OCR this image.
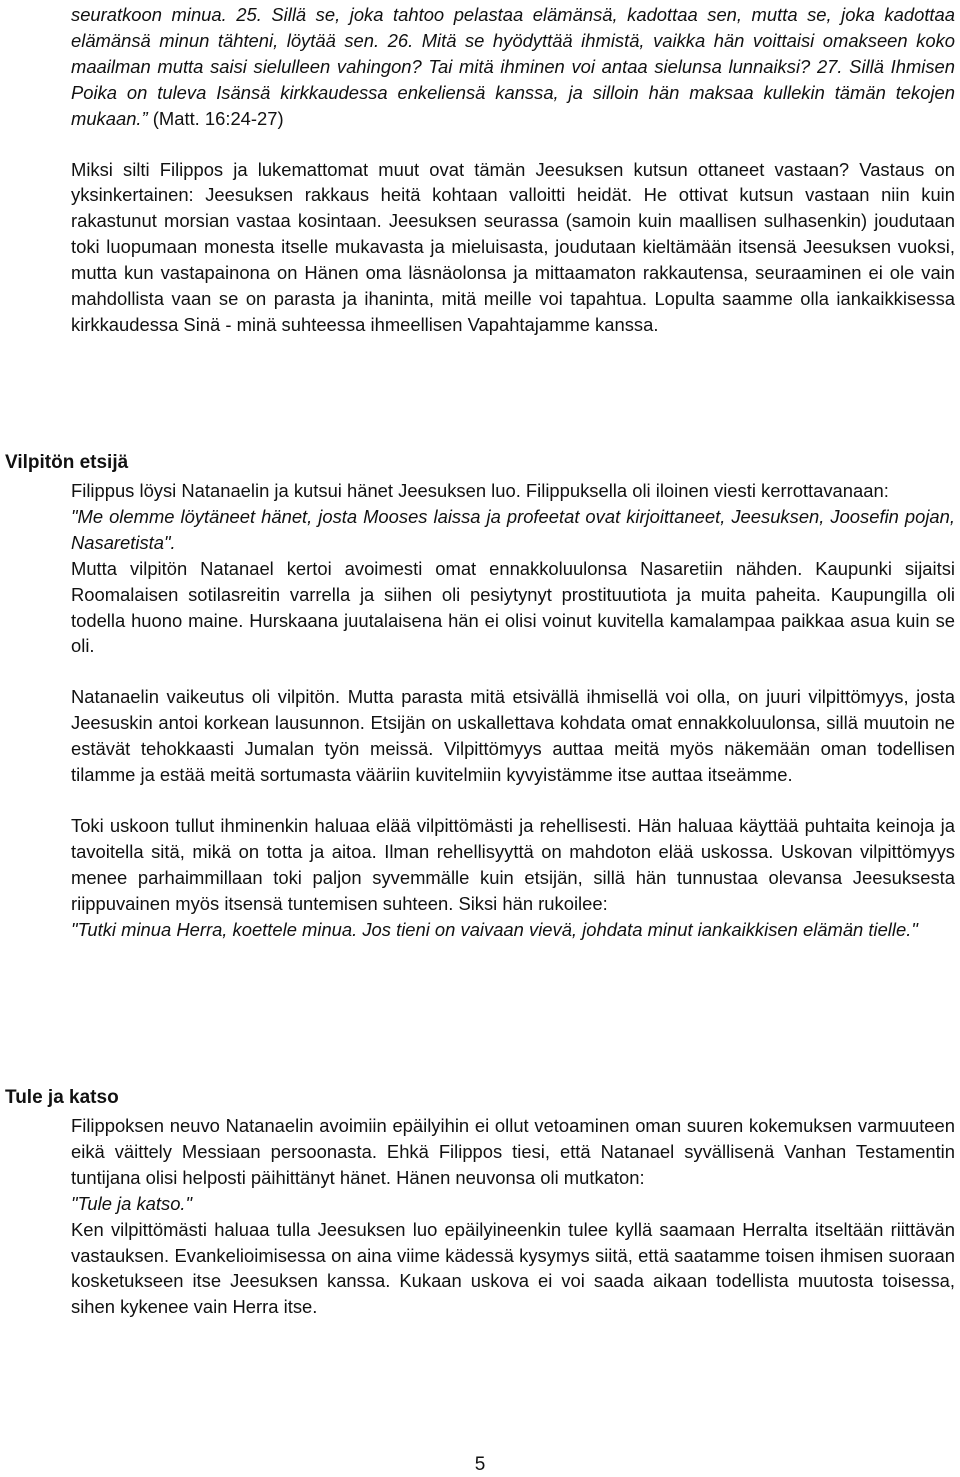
seuratkoon minua. 25. Sillä se, joka tahtoo pelastaa elämänsä, kadottaa sen, mutta se, joka kadottaa elämänsä minun tähteni, löytää sen. 26. Mitä se hyödyttää ihmistä, vaikka hän voittaisi omakseen koko maailman mutta saisi sielulleen vahingon? Tai mitä ihminen voi antaa sielunsa lunnaiksi? 27. Sillä Ihmisen Poika on tuleva Isänsä kirkkaudessa enkeliensä kanssa, ja silloin hän maksaa kullekin tämän tekojen mukaan.” (Matt. 16:24-27)

Miksi silti Filippos ja lukemattomat muut ovat tämän Jeesuksen kutsun ottaneet vastaan? Vastaus on yksinkertainen: Jeesuksen rakkaus heitä kohtaan valloitti heidät. He ottivat kutsun vastaan niin kuin rakastunut morsian vastaa kosintaan. Jeesuksen seurassa (samoin kuin maallisen sulhasenkin) joudutaan toki luopumaan monesta itselle mukavasta ja mieluisasta, joudutaan kieltämään itsensä Jeesuksen vuoksi, mutta kun vastapainona on Hänen oma läsnäolonsa ja mittaamaton rakkautensa, seuraaminen ei ole vain mahdollista vaan se on parasta ja ihaninta, mitä meille voi tapahtua. Lopulta saamme olla iankaikkisessa kirkkaudessa Sinä - minä suhteessa ihmeellisen Vapahtajamme kanssa.

Vilpitön etsijä

Filippus löysi Natanaelin ja kutsui hänet Jeesuksen luo. Filippuksella oli iloinen viesti kerrottavanaan:

"Me olemme löytäneet hänet, josta Mooses laissa ja profeetat ovat kirjoittaneet, Jeesuksen, Joosefin pojan, Nasaretista".

Mutta vilpitön Natanael kertoi avoimesti omat ennakkoluulonsa Nasaretiin nähden. Kaupunki sijaitsi Roomalaisen sotilasreitin varrella ja siihen oli pesiytynyt prostituutiota ja muita paheita. Kaupungilla oli todella huono maine. Hurskaana juutalaisena hän ei olisi voinut kuvitella kamalampaa paikkaa asua kuin se oli.

Natanaelin vaikeutus oli vilpitön. Mutta parasta mitä etsivällä ihmisellä voi olla, on juuri vilpittömyys, josta Jeesuskin antoi korkean lausunnon. Etsijän on uskallettava kohdata omat ennakkoluulonsa, sillä muutoin ne estävät tehokkaasti Jumalan työn meissä. Vilpittömyys auttaa meitä myös näkemään oman todellisen tilamme ja estää meitä sortumasta vääriin kuvitelmiin kyvyistämme itse auttaa itseämme.

Toki uskoon tullut ihminenkin haluaa elää vilpittömästi ja rehellisesti. Hän haluaa käyttää puhtaita keinoja ja tavoitella sitä, mikä on totta ja aitoa. Ilman rehellisyyttä on mahdoton elää uskossa. Uskovan vilpittömyys menee parhaimmillaan toki paljon syvemmälle kuin etsijän, sillä hän tunnustaa olevansa Jeesuksesta riippuvainen myös itsensä tuntemisen suhteen. Siksi hän rukoilee:

"Tutki minua Herra, koettele minua. Jos tieni on vaivaan vievä, johdata minut iankaikkisen elämän tielle."

Tule ja katso

Filippoksen neuvo Natanaelin avoimiin epäilyihin ei ollut vetoaminen oman suuren kokemuksen varmuuteen eikä väittely Messiaan persoonasta. Ehkä Filippos tiesi, että Natanael syvällisenä Vanhan Testamentin tuntijana olisi helposti päihittänyt hänet. Hänen neuvonsa oli mutkaton:

"Tule ja katso."

Ken vilpittömästi haluaa tulla Jeesuksen luo epäilyineenkin tulee kyllä saamaan Herralta itseltään riittävän vastauksen. Evankelioimisessa on aina viime kädessä kysymys siitä, että saatamme toisen ihmisen suoraan kosketukseen itse Jeesuksen kanssa. Kukaan uskova ei voi saada aikaan todellista muutosta toisessa, sihen kykenee vain Herra itse.

5
